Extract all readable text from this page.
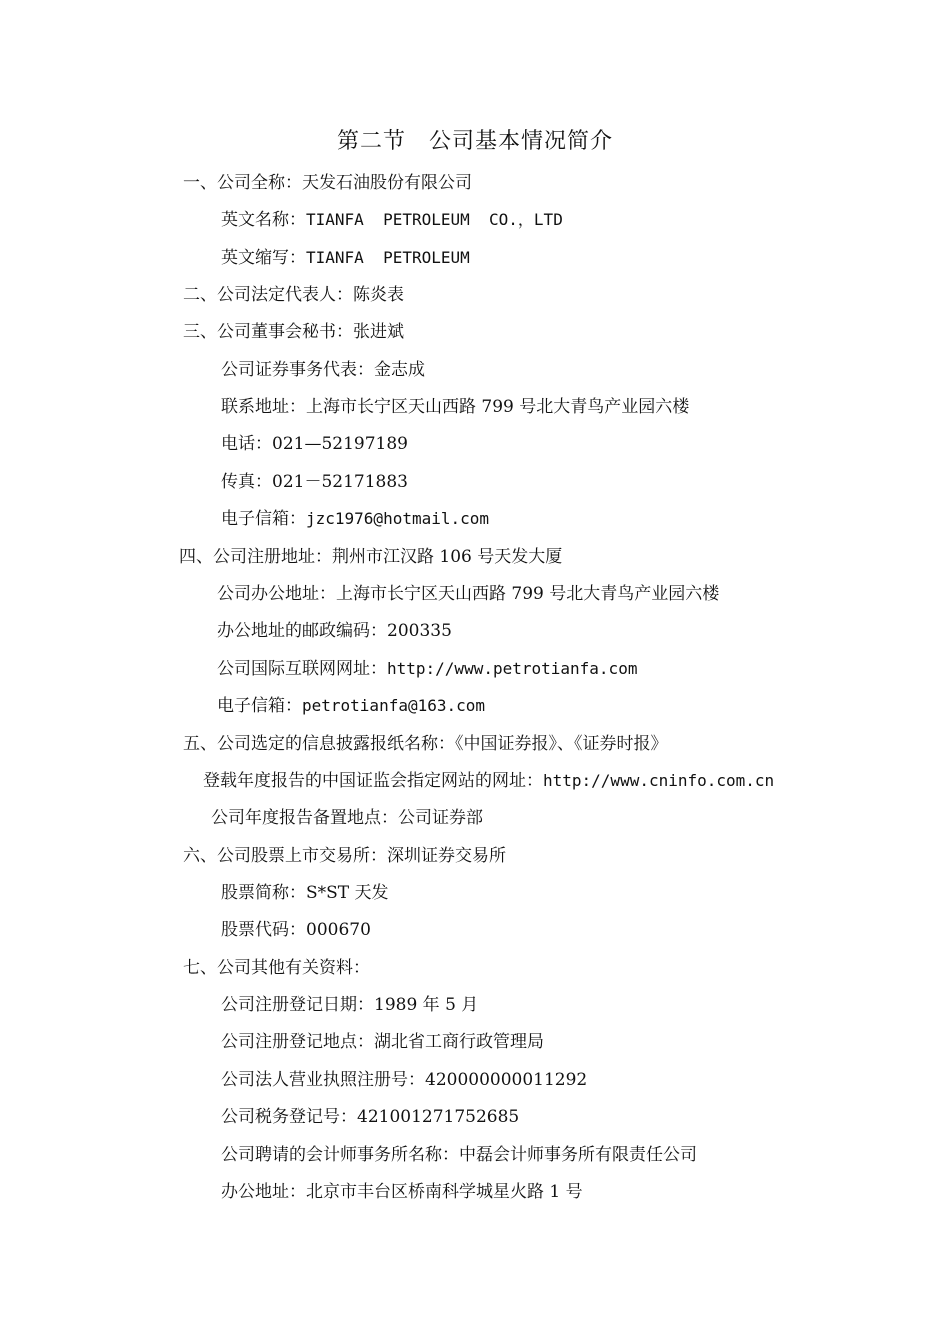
第二节　公司基本情况简介
一、公司全称：天发石油股份有限公司
英文名称：TIANFA  PETROLEUM  CO.，LTD
英文缩写：TIANFA  PETROLEUM
二、公司法定代表人：陈炎表
三、公司董事会秘书：张进斌
公司证券事务代表：金志成
联系地址：上海市长宁区天山西路 799 号北大青鸟产业园六楼
电话：021—52197189
传真：021－52171883
电子信箱：jzc1976@hotmail.com
四、公司注册地址：荆州市江汉路 106 号天发大厦
公司办公地址：上海市长宁区天山西路 799 号北大青鸟产业园六楼
办公地址的邮政编码：200335
公司国际互联网网址：http://www.petrotianfa.com
电子信箱：petrotianfa@163.com
五、公司选定的信息披露报纸名称：《中国证券报》、《证券时报》
登载年度报告的中国证监会指定网站的网址：http://www.cninfo.com.cn
公司年度报告备置地点：公司证券部
六、公司股票上市交易所：深圳证券交易所
股票简称：S*ST 天发
股票代码：000670
七、公司其他有关资料：
公司注册登记日期：1989 年 5 月
公司注册登记地点：湖北省工商行政管理局
公司法人营业执照注册号：420000000011292
公司税务登记号：421001271752685
公司聘请的会计师事务所名称：中磊会计师事务所有限责任公司
办公地址：北京市丰台区桥南科学城星火路 1 号
